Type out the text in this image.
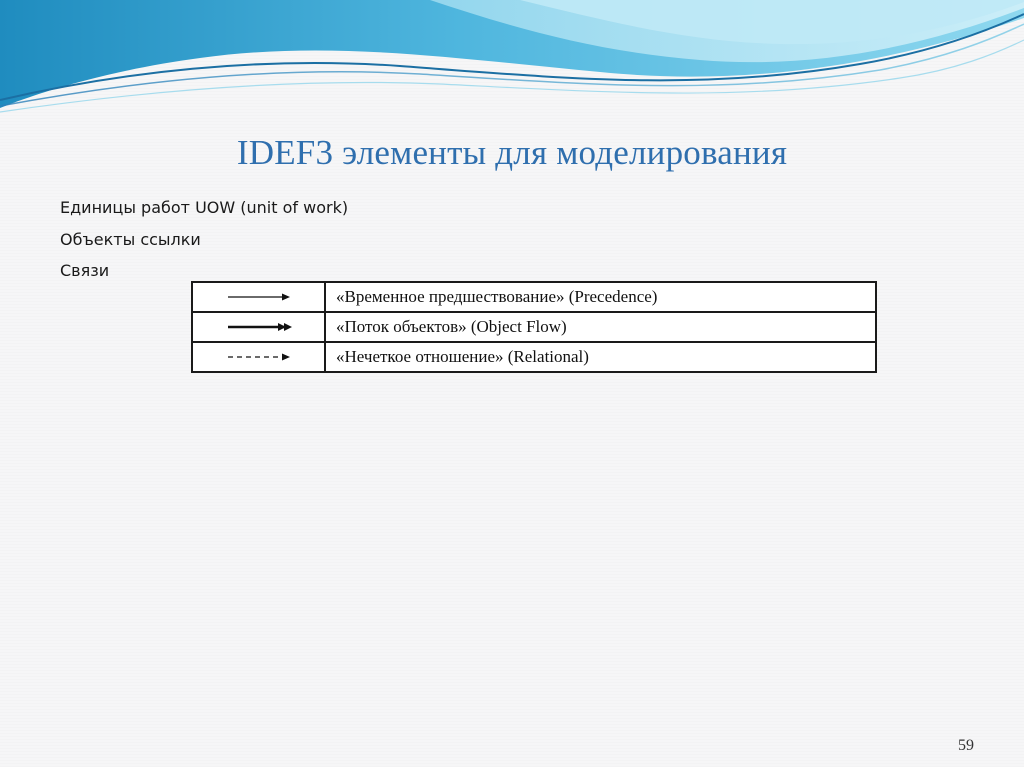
IDEF3 элементы для моделирования
Единицы работ UOW (unit of work)
Объекты ссылки
Связи
	«Временное предшествование» (Precedence)

	«Поток объектов» (Object Flow)

	«Нечеткое отношение» (Relational)
59
